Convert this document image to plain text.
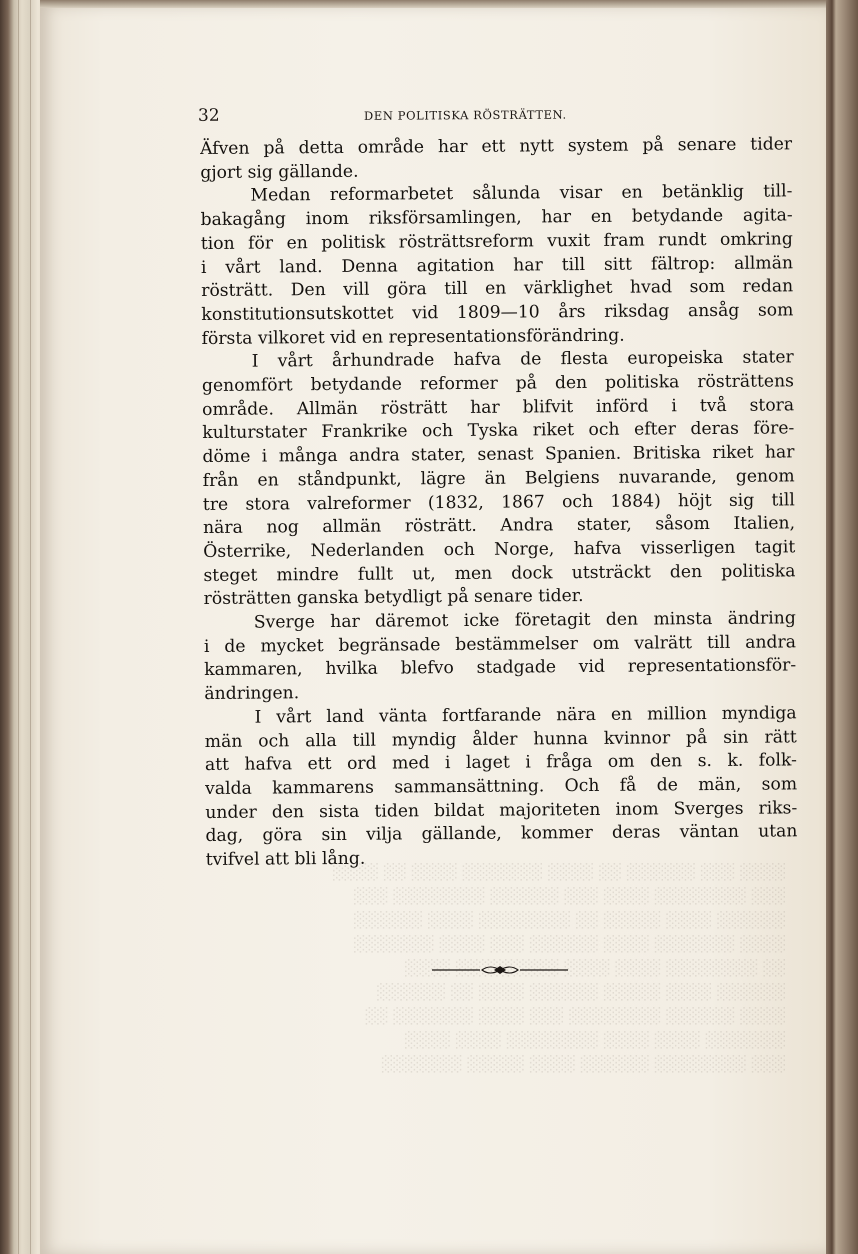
32	DEN POLITISKA RÖSTRÄTTEN.
Äfven på detta område har ett nytt system på senare tider
gjort sig gällande.
Medan reformarbetet sålunda visar en betänklig till-
bakagång inom riksförsamlingen, har en betydande agita-
tion för en politisk rösträttsreform vuxit fram rundt omkring
i vårt land. Denna agitation har till sitt fältrop: allmän
rösträtt. Den vill göra till en värklighet hvad som redan
konstitutionsutskottet vid 1809—10 års riksdag ansåg som
första vilkoret vid en representationsförändring.
I vårt århundrade hafva de flesta europeiska stater
genomfört betydande reformer på den politiska rösträttens
område. Allmän rösträtt har blifvit införd i två stora
kulturstater Frankrike och Tyska riket och efter deras före-
döme i många andra stater, senast Spanien. Britiska riket har
från en ståndpunkt, lägre än Belgiens nuvarande, genom
tre stora valreformer (1832, 1867 och 1884) höjt sig till
nära nog allmän rösträtt. Andra stater, såsom Italien,
Österrike, Nederlanden och Norge, hafva visserligen tagit
steget mindre fullt ut, men dock utsträckt den politiska
rösträtten ganska betydligt på senare tider.
Sverge har däremot icke företagit den minsta ändring
i de mycket begränsade bestämmelser om valrätt till andra
kammaren, hvilka blefvo stadgade vid representationsför-
ändringen.
I vårt land vänta fortfarande nära en million myndiga
män och alla till myndig ålder hunna kvinnor på sin rätt
att hafva ett ord med i laget i fråga om den s. k. folk-
valda kammarens sammansättning. Och få de män, som
under den sista tiden bildat majoriteten inom Sverges riks-
dag, göra sin vilja gällande, kommer deras väntan utan
tvifvel att bli lång.
